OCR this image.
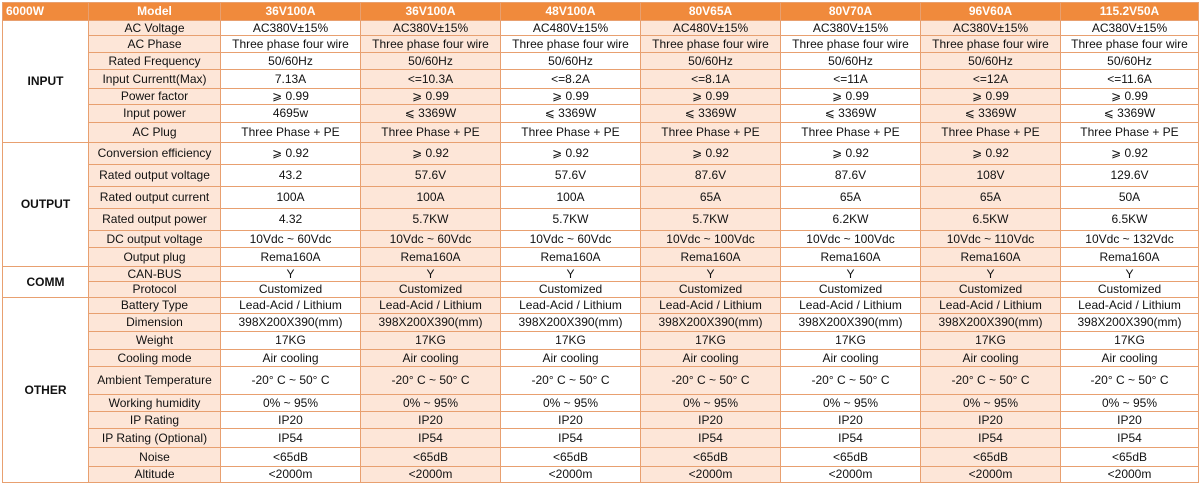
6000W	Model	36V100A	36V100A	48V100A	80V65A	80V70A	96V60A	115.2V50A
INPUT	AC Voltage	AC380V±15%	AC380V±15%	AC480V±15%	AC480V±15%	AC380V±15%	AC380V±15%	AC380V±15%
	AC Phase	Three phase four wire	Three phase four wire	Three phase four wire	Three phase four wire	Three phase four wire	Three phase four wire	Three phase four wire
	Rated Frequency	50/60Hz	50/60Hz	50/60Hz	50/60Hz	50/60Hz	50/60Hz	50/60Hz
	Input Currentt(Max)	7.13A	<=10.3A	<=8.2A	<=8.1A	<=11A	<=12A	<=11.6A
	Power factor	⩾ 0.99	⩾ 0.99	⩾ 0.99	⩾ 0.99	⩾ 0.99	⩾ 0.99	⩾ 0.99
	Input power	4695w	⩽ 3369W	⩽ 3369W	⩽ 3369W	⩽ 3369W	⩽ 3369W	⩽ 3369W
	AC Plug	Three Phase + PE	Three Phase + PE	Three Phase + PE	Three Phase + PE	Three Phase + PE	Three Phase + PE	Three Phase + PE
OUTPUT	Conversion efficiency	⩾ 0.92	⩾ 0.92	⩾ 0.92	⩾ 0.92	⩾ 0.92	⩾ 0.92	⩾ 0.92
	Rated output voltage	43.2	57.6V	57.6V	87.6V	87.6V	108V	129.6V
	Rated output current	100A	100A	100A	65A	65A	65A	50A
	Rated output power	4.32	5.7KW	5.7KW	5.7KW	6.2KW	6.5KW	6.5KW
	DC output voltage	10Vdc ~ 60Vdc	10Vdc ~ 60Vdc	10Vdc ~ 60Vdc	10Vdc ~ 100Vdc	10Vdc ~ 100Vdc	10Vdc ~ 110Vdc	10Vdc ~ 132Vdc
	Output plug	Rema160A	Rema160A	Rema160A	Rema160A	Rema160A	Rema160A	Rema160A
COMM	CAN-BUS	Y	Y	Y	Y	Y	Y	Y
	Protocol	Customized	Customized	Customized	Customized	Customized	Customized	Customized
OTHER	Battery Type	Lead-Acid / Lithium	Lead-Acid / Lithium	Lead-Acid / Lithium	Lead-Acid / Lithium	Lead-Acid / Lithium	Lead-Acid / Lithium	Lead-Acid / Lithium
	Dimension	398X200X390(mm)	398X200X390(mm)	398X200X390(mm)	398X200X390(mm)	398X200X390(mm)	398X200X390(mm)	398X200X390(mm)
	Weight	17KG	17KG	17KG	17KG	17KG	17KG	17KG
	Cooling mode	Air cooling	Air cooling	Air cooling	Air cooling	Air cooling	Air cooling	Air cooling
	Ambient Temperature	-20° C ~ 50° C	-20° C ~ 50° C	-20° C ~ 50° C	-20° C ~ 50° C	-20° C ~ 50° C	-20° C ~ 50° C	-20° C ~ 50° C
	Working humidity	0% ~ 95%	0% ~ 95%	0% ~ 95%	0% ~ 95%	0% ~ 95%	0% ~ 95%	0% ~ 95%
	IP Rating	IP20	IP20	IP20	IP20	IP20	IP20	IP20
	IP Rating (Optional)	IP54	IP54	IP54	IP54	IP54	IP54	IP54
	Noise	<65dB	<65dB	<65dB	<65dB	<65dB	<65dB	<65dB
	Altitude	<2000m	<2000m	<2000m	<2000m	<2000m	<2000m	<2000m
